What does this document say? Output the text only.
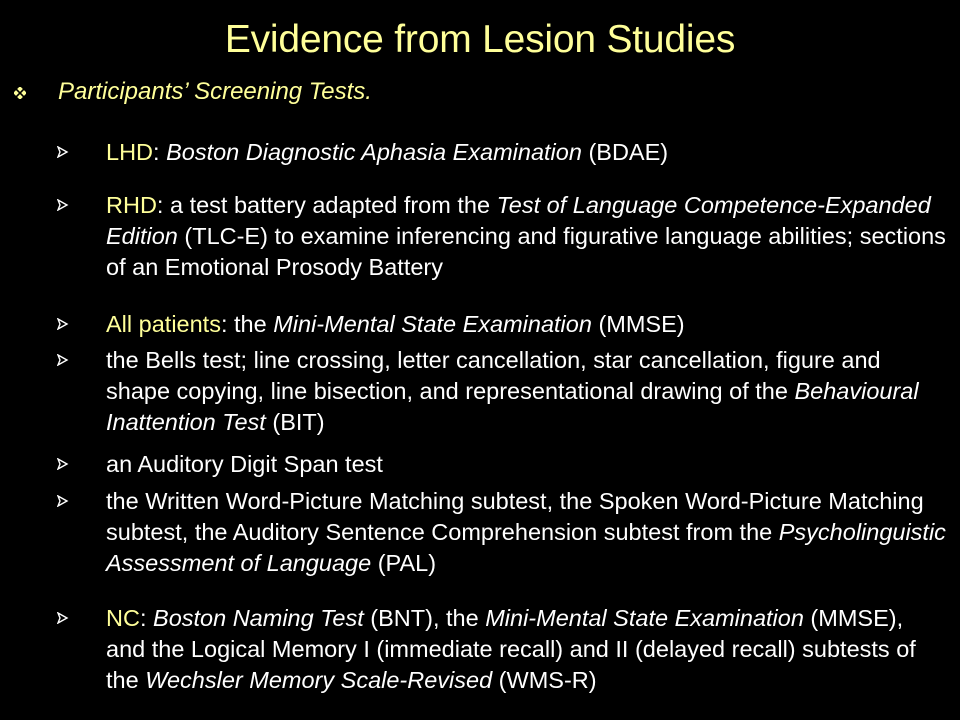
Evidence from Lesion Studies
Participants’ Screening Tests.
LHD: Boston Diagnostic Aphasia Examination (BDAE)
RHD: a test battery adapted from the Test of Language Competence-Expanded Edition (TLC-E) to examine inferencing and figurative language abilities; sections of an Emotional Prosody Battery
All patients: the Mini-Mental State Examination (MMSE)
the Bells test; line crossing, letter cancellation, star cancellation, figure and shape copying, line bisection, and representational drawing of the Behavioural Inattention Test (BIT)
an Auditory Digit Span test
the Written Word-Picture Matching subtest, the Spoken Word-Picture Matching subtest, the Auditory Sentence Comprehension subtest from the Psycholinguistic Assessment of Language (PAL)
NC: Boston Naming Test (BNT), the Mini-Mental State Examination (MMSE), and the Logical Memory I (immediate recall) and II (delayed recall) subtests of the Wechsler Memory Scale-Revised (WMS-R)
